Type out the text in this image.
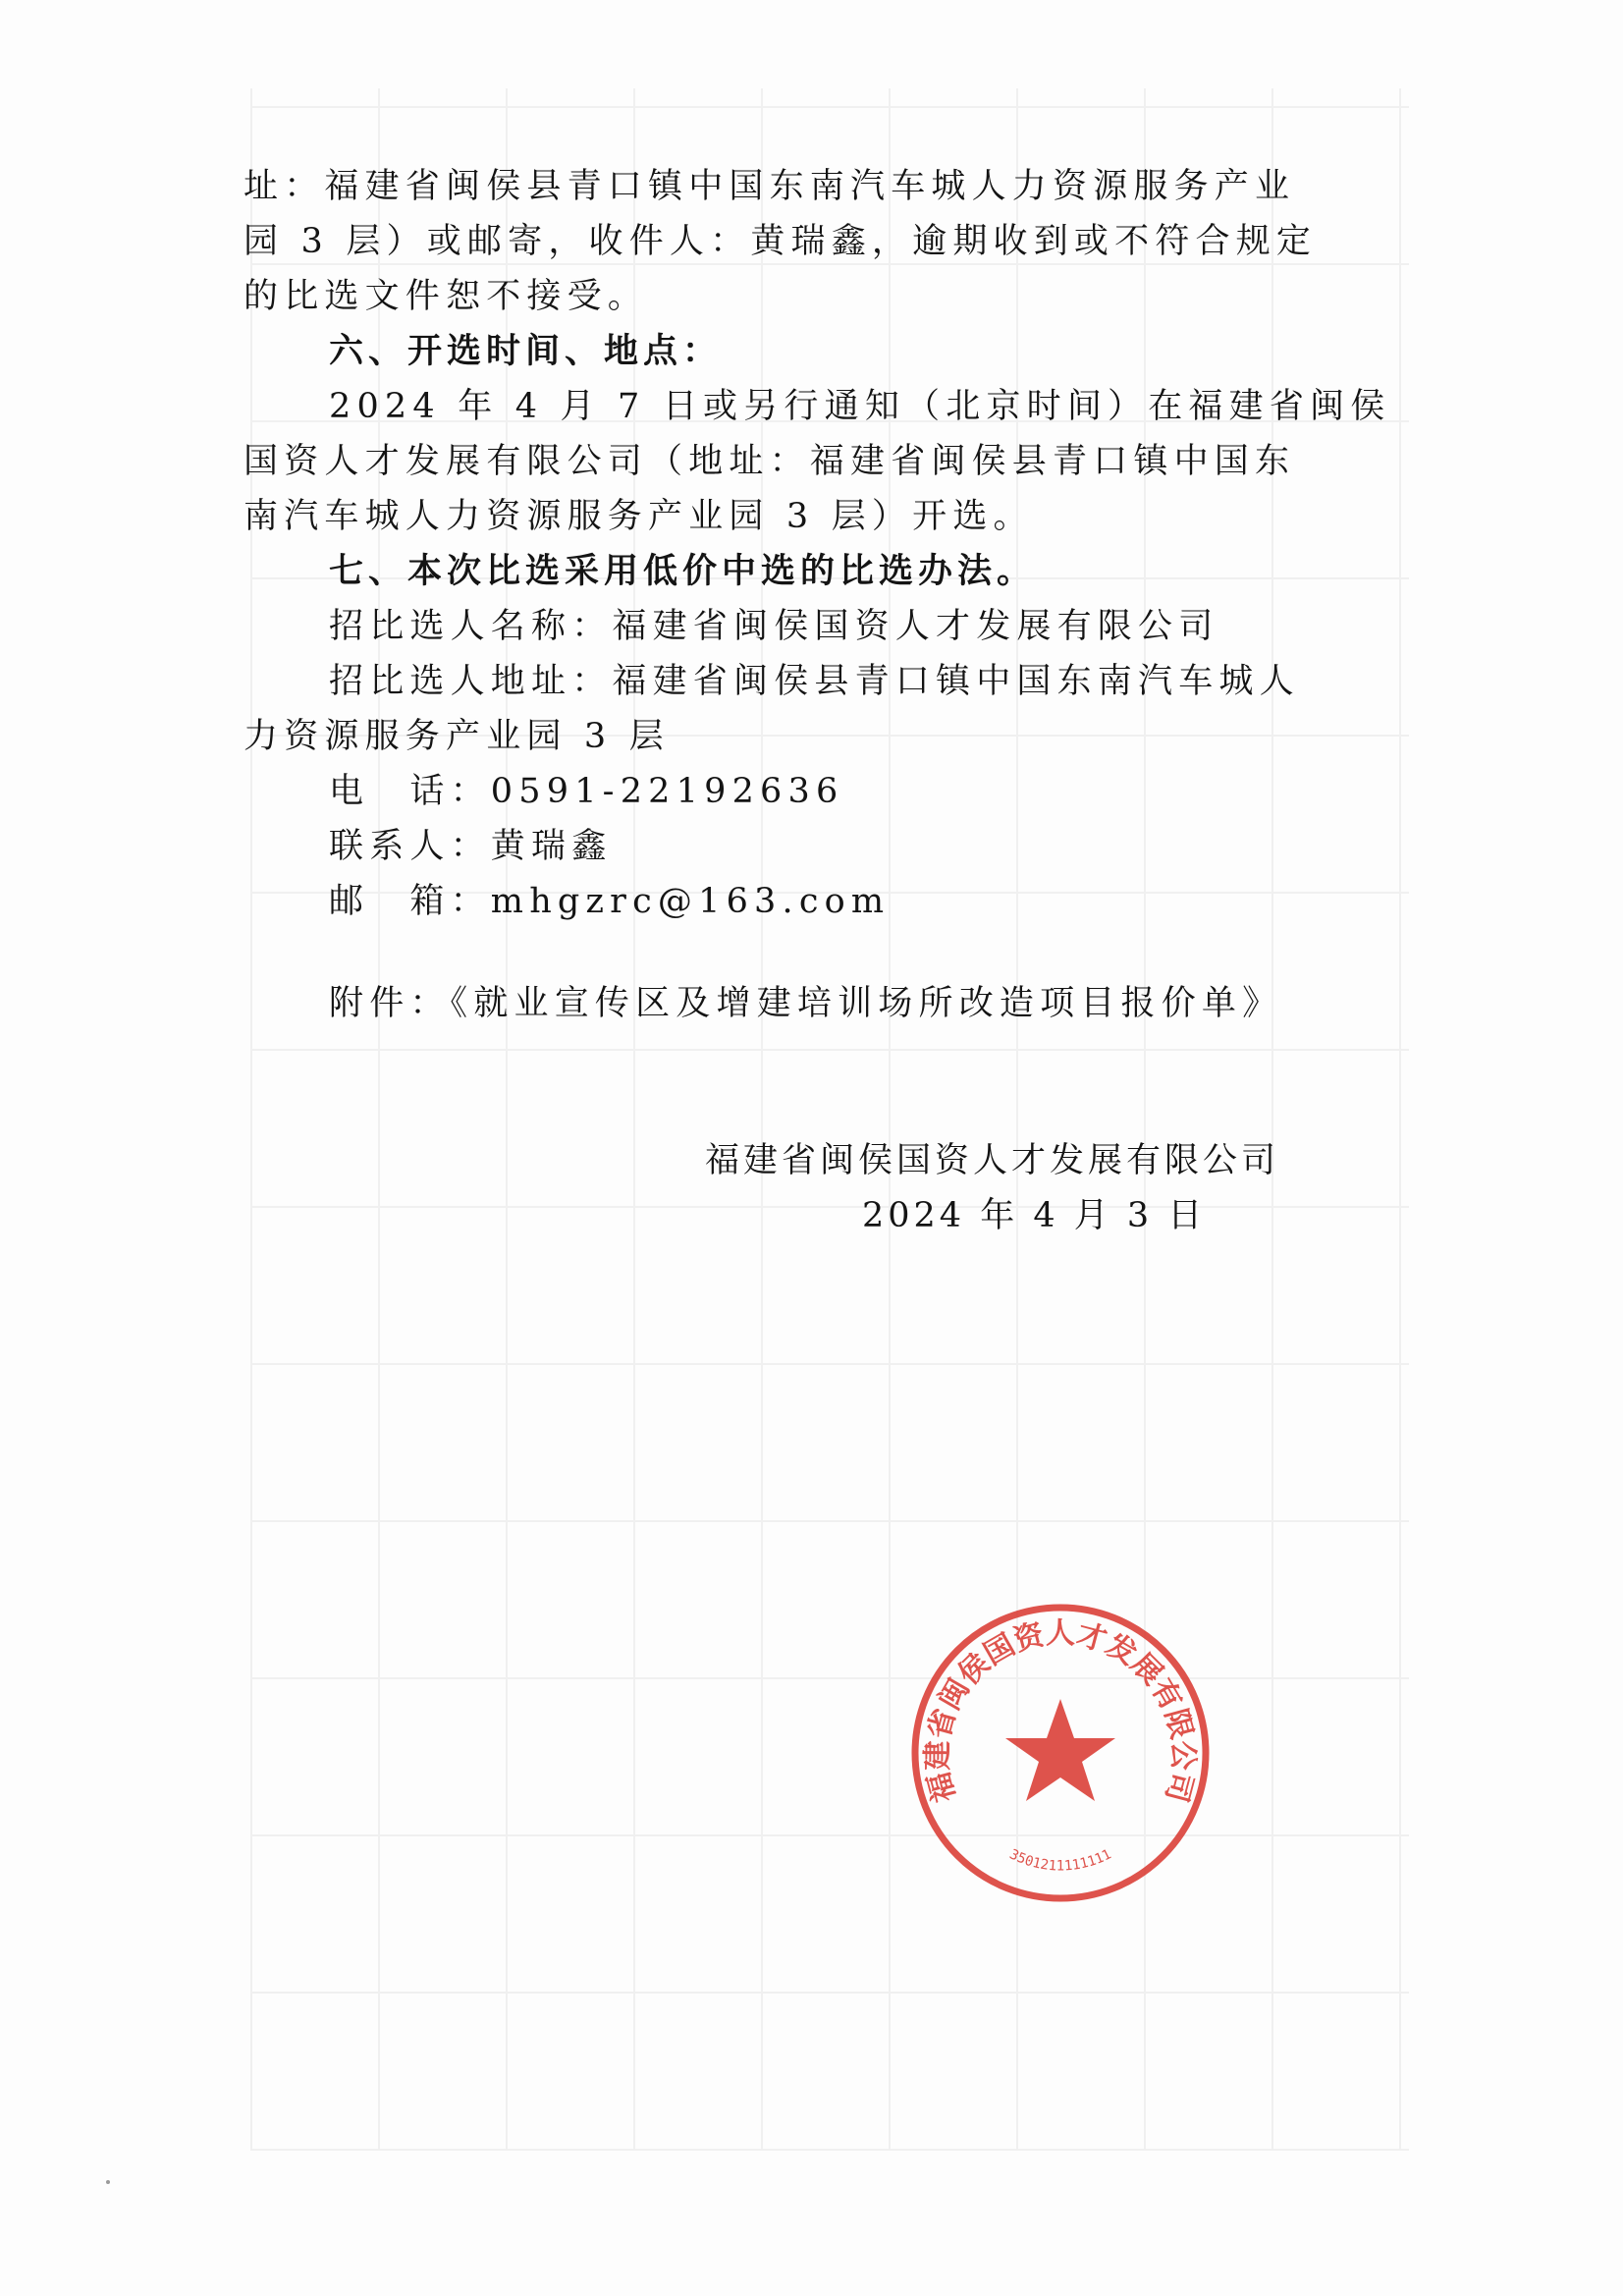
址：福建省闽侯县青口镇中国东南汽车城人力资源服务产业
园 3 层）或邮寄，收件人：黄瑞鑫，逾期收到或不符合规定
的比选文件恕不接受。
六、开选时间、地点：
2024 年 4 月 7 日或另行通知（北京时间）在福建省闽侯
国资人才发展有限公司（地址：福建省闽侯县青口镇中国东
南汽车城人力资源服务产业园 3 层）开选。
七、本次比选采用低价中选的比选办法。
招比选人名称：福建省闽侯国资人才发展有限公司
招比选人地址：福建省闽侯县青口镇中国东南汽车城人
力资源服务产业园 3 层
电　话：0591-22192636
联系人：黄瑞鑫
邮　箱：mhgzrc@163.com
附件：《就业宣传区及增建培训场所改造项目报价单》
福建省闽侯国资人才发展有限公司
2024 年 4 月 3 日
福建省闽侯国资人才发展有限公司
3501211111111
